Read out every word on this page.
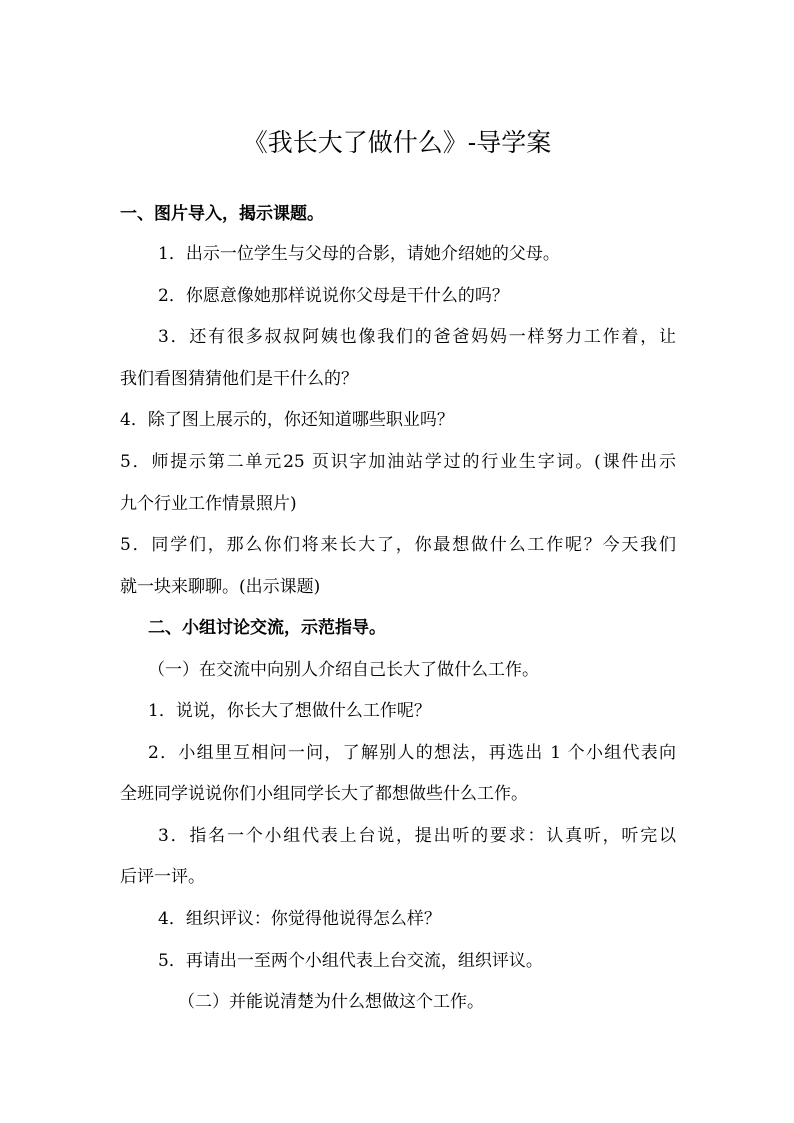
《我长大了做什么》-导学案
一、图片导入，揭示课题。
1．出示一位学生与父母的合影，请她介绍她的父母。
2．你愿意像她那样说说你父母是干什么的吗？
3．还有很多叔叔阿姨也像我们的爸爸妈妈一样努力工作着，让
我们看图猜猜他们是干什么的？
4．除了图上展示的，你还知道哪些职业吗？
5．师提示第二单元25 页识字加油站学过的行业生字词。(课件出示
九个行业工作情景照片)
5．同学们，那么你们将来长大了，你最想做什么工作呢？今天我们
就一块来聊聊。(出示课题)
二、小组讨论交流，示范指导。
（一）在交流中向别人介绍自己长大了做什么工作。
1．说说，你长大了想做什么工作呢？
2．小组里互相问一问，了解别人的想法，再选出 1 个小组代表向
全班同学说说你们小组同学长大了都想做些什么工作。
3．指名一个小组代表上台说，提出听的要求：认真听，听完以
后评一评。
4．组织评议：你觉得他说得怎么样？
5．再请出一至两个小组代表上台交流，组织评议。
（二）并能说清楚为什么想做这个工作。
